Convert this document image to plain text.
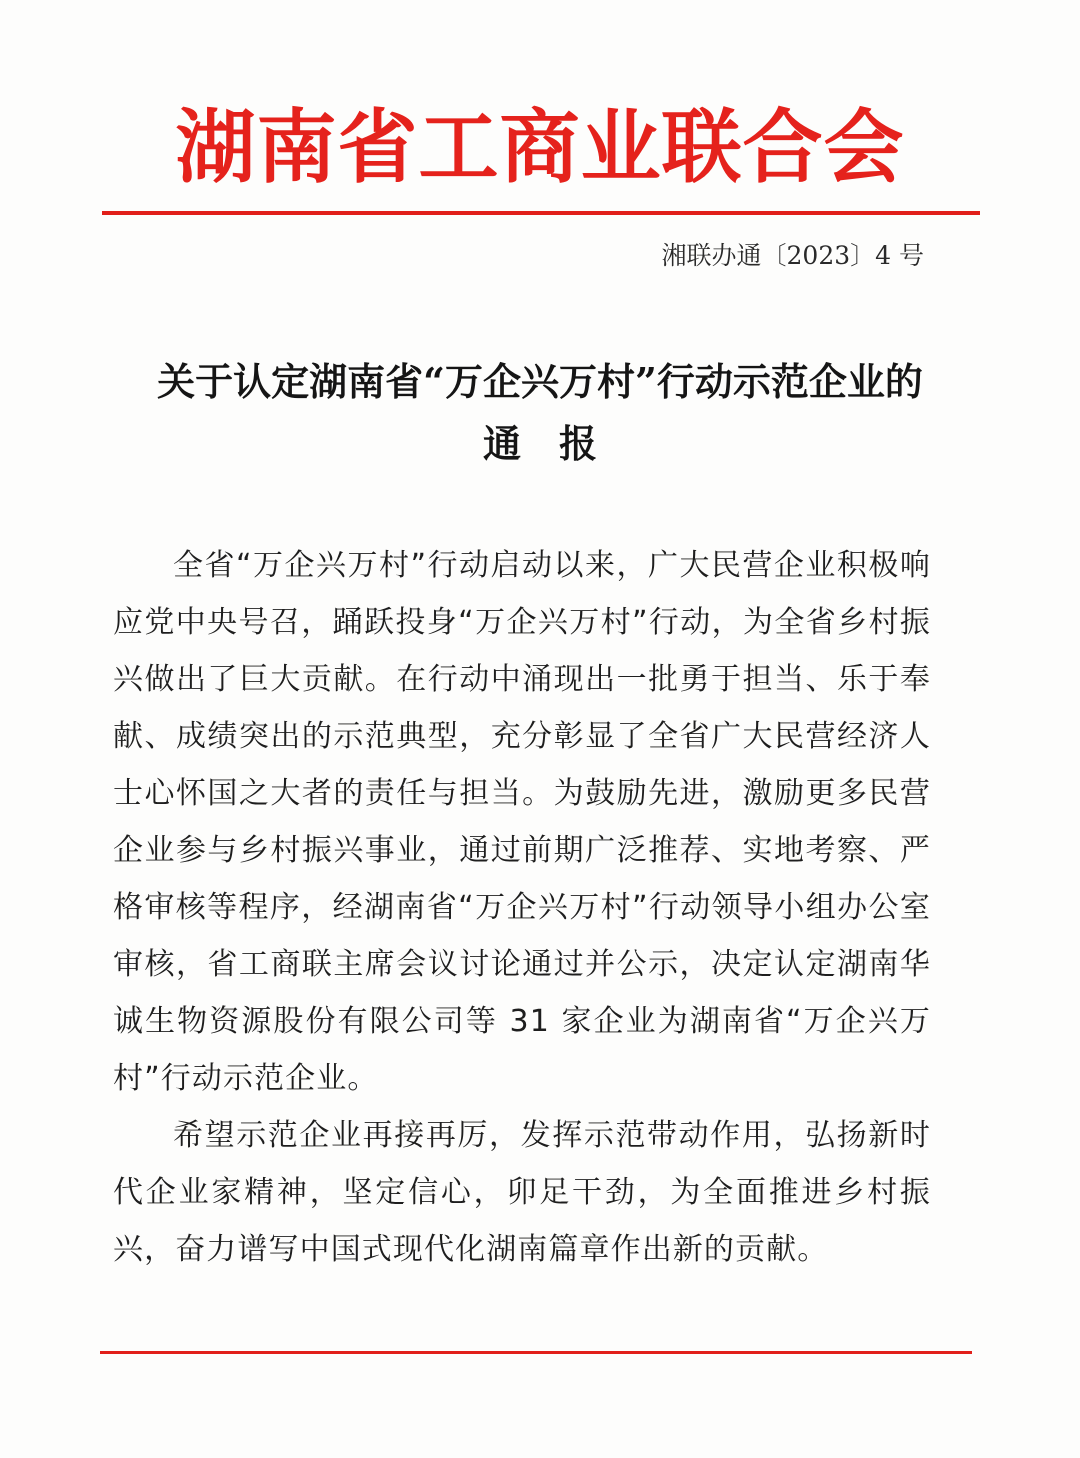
湖南省工商业联合会
湘联办通〔2023〕4 号
关于认定湖南省“万企兴万村”行动示范企业的
通报

全省“万企兴万村”行动启动以来，广大民营企业积极响应党中央号召，踊跃投身“万企兴万村”行动，为全省乡村振兴做出了巨大贡献。在行动中涌现出一批勇于担当、乐于奉献、成绩突出的示范典型，充分彰显了全省广大民营经济人士心怀国之大者的责任与担当。为鼓励先进，激励更多民营企业参与乡村振兴事业，通过前期广泛推荐、实地考察、严格审核等程序，经湖南省“万企兴万村”行动领导小组办公室审核，省工商联主席会议讨论通过并公示，决定认定湖南华诚生物资源股份有限公司等 31 家企业为湖南省“万企兴万村”行动示范企业。

希望示范企业再接再厉，发挥示范带动作用，弘扬新时代企业家精神，坚定信心，卯足干劲，为全面推进乡村振兴，奋力谱写中国式现代化湖南篇章作出新的贡献。
